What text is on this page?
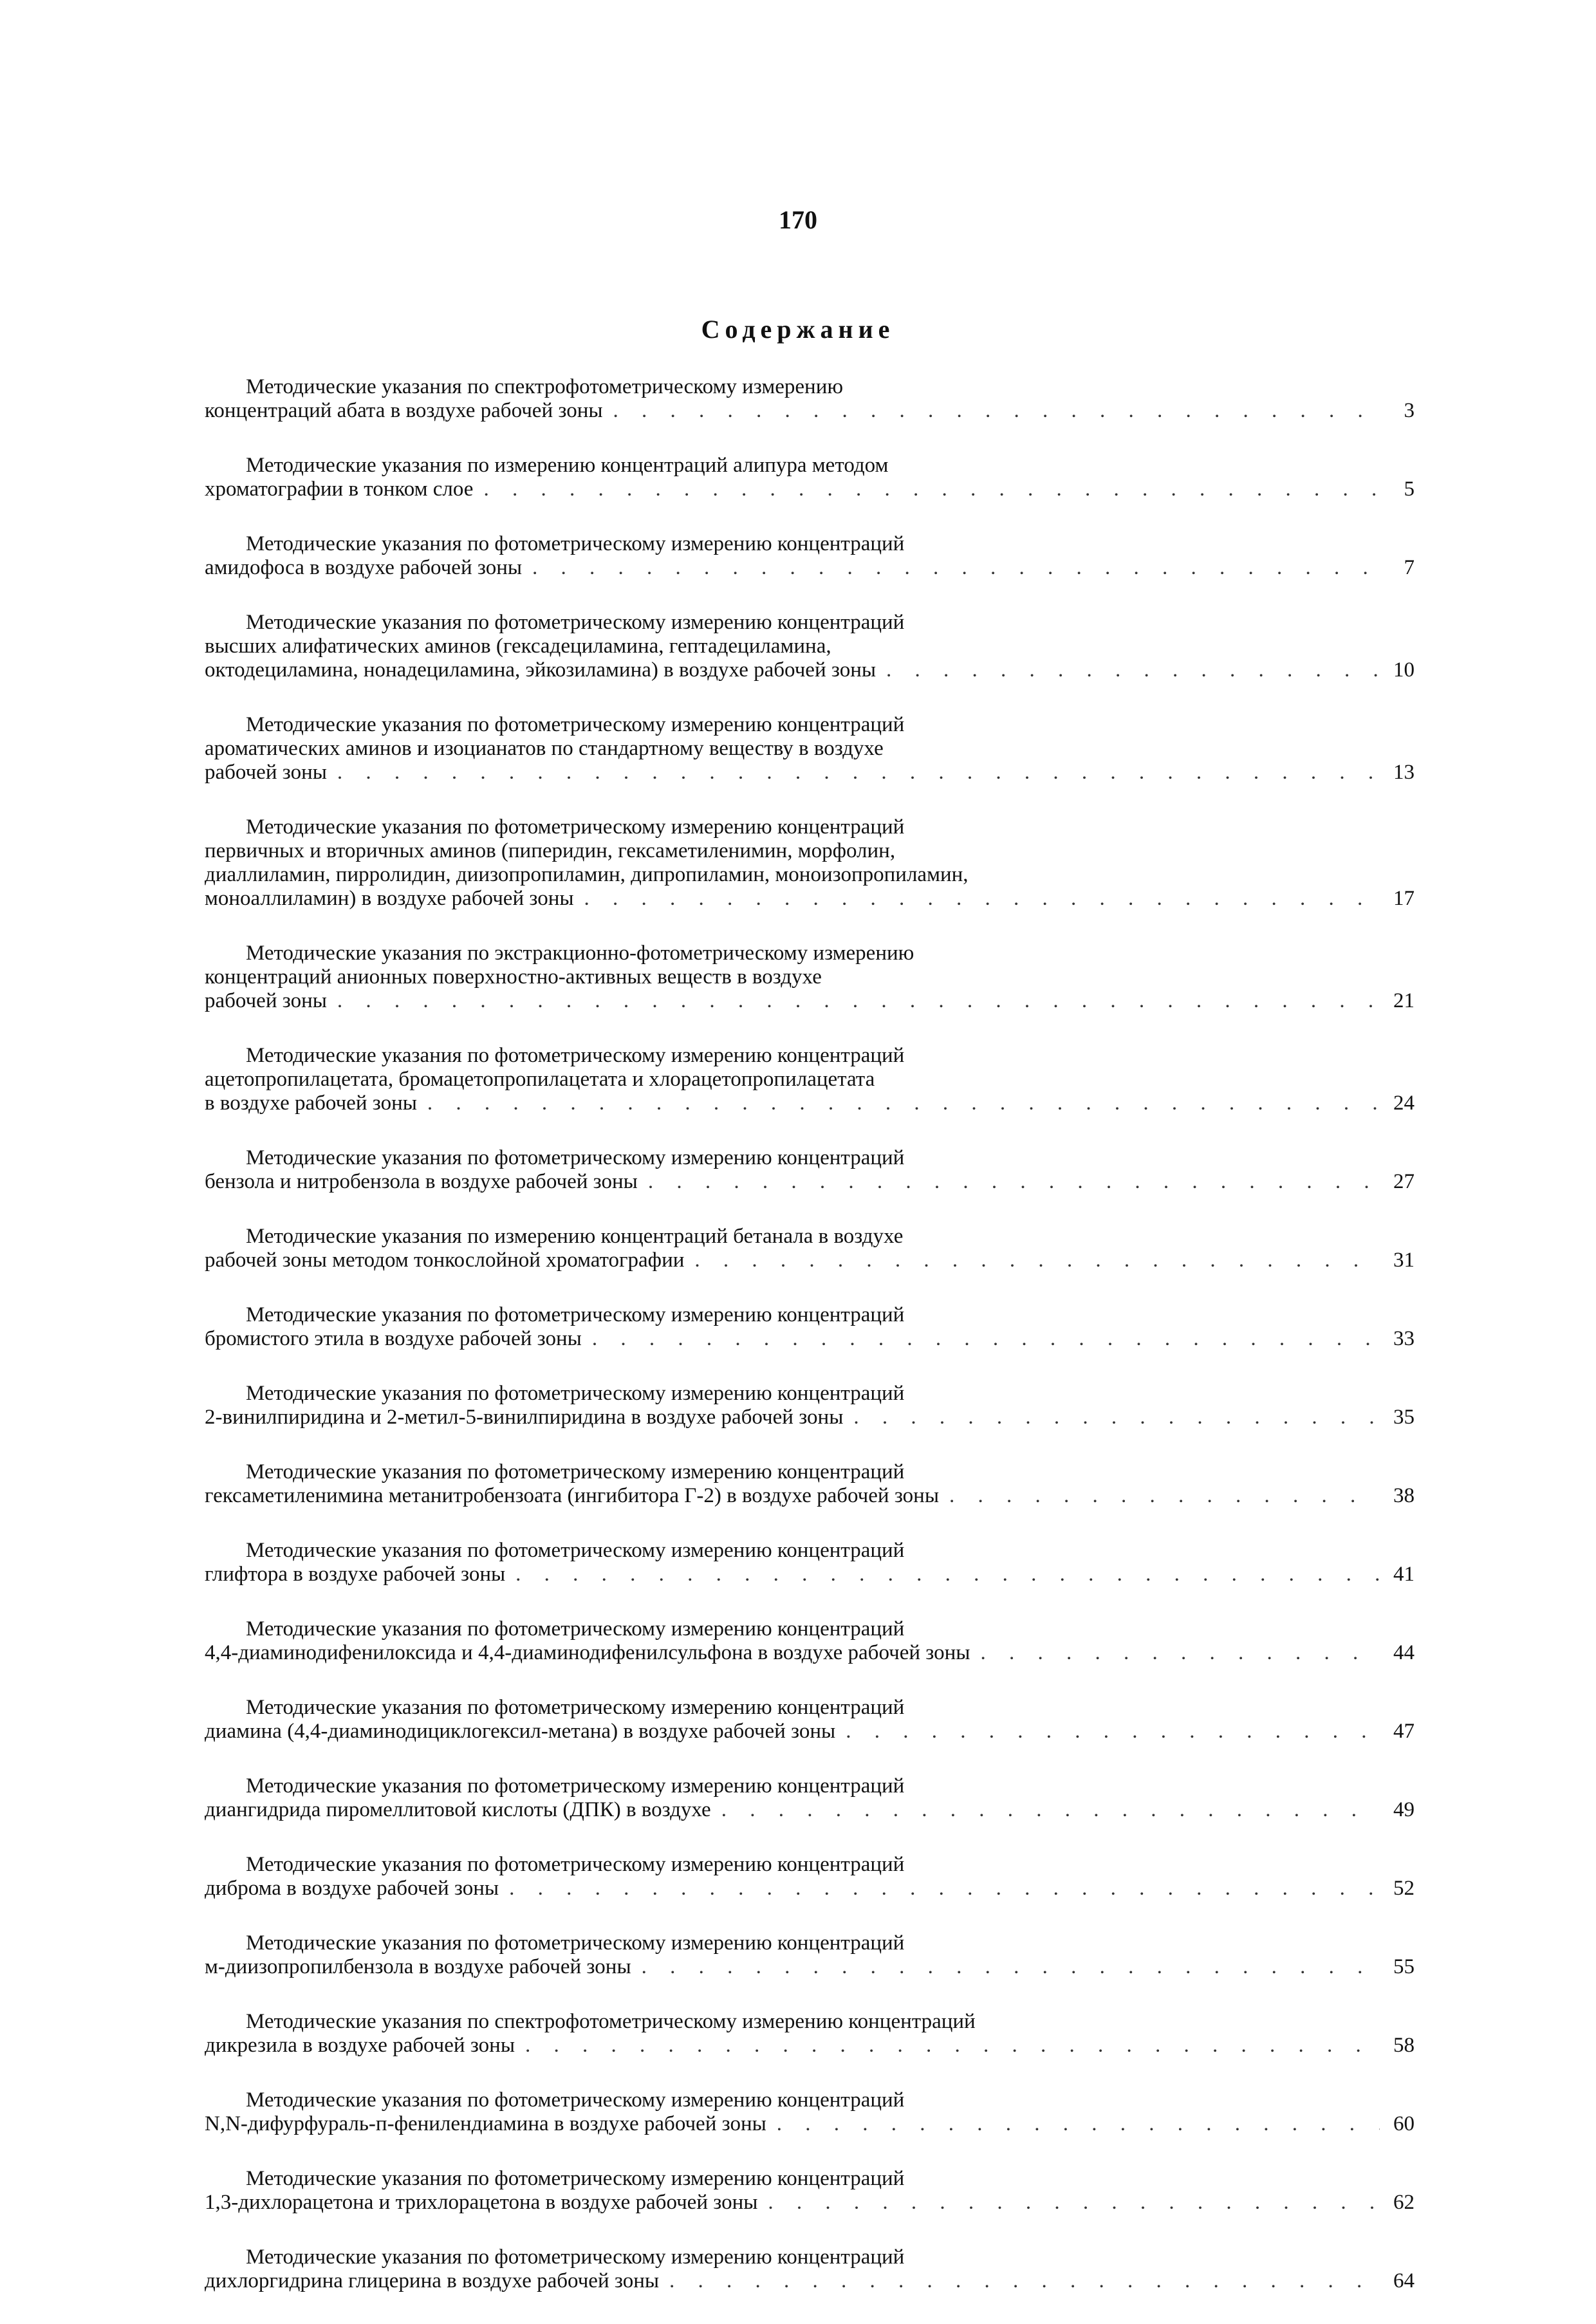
170
Содержание
Методические указания по спектрофотометрическому измерению
концентраций абата в воздухе рабочей зоны . . .	3
Методические указания по измерению концентраций алипура методом
хроматографии в тонком слое . . .	5
Методические указания по фотометрическому измерению концентраций
амидофоса в воздухе рабочей зоны . . .	7
Методические указания по фотометрическому измерению концентраций
высших алифатических аминов (гексадециламина, гептадециламина,
октодециламина, нонадециламина, эйкозиламина) в воздухе рабочей зоны . . .	10
Методические указания по фотометрическому измерению концентраций
ароматических аминов и изоцианатов по стандартному веществу в воздухе
рабочей зоны . . .	13
Методические указания по фотометрическому измерению концентраций
первичных и вторичных аминов (пиперидин, гексаметиленимин, морфолин,
диаллиламин, пирролидин, диизопропиламин, дипропиламин, моноизопропиламин,
моноаллиламин) в воздухе рабочей зоны . . .	17
Методические указания по экстракционно-фотометрическому измерению
концентраций анионных поверхностно-активных веществ в воздухе
рабочей зоны . . .	21
Методические указания по фотометрическому измерению концентраций
ацетопропилацетата, бромацетопропилацетата и хлорацетопропилацетата
в воздухе рабочей зоны . . .	24
Методические указания по фотометрическому измерению концентраций
бензола и нитробензола в воздухе рабочей зоны . . .	27
Методические указания по измерению концентраций бетанала в воздухе
рабочей зоны методом тонкослойной хроматографии . . .	31
Методические указания по фотометрическому измерению концентраций
бромистого этила в воздухе рабочей зоны . . .	33
Методические указания по фотометрическому измерению концентраций
2-винилпиридина и 2-метил-5-винилпиридина в воздухе рабочей зоны . . .	35
Методические указания по фотометрическому измерению концентраций
гексаметиленимина метанитробензоата (ингибитора Г-2) в воздухе рабочей зоны . . .	38
Методические указания по фотометрическому измерению концентраций
глифтора в воздухе рабочей зоны . . .	41
Методические указания по фотометрическому измерению концентраций
4,4-диаминодифенилоксида и 4,4-диаминодифенилсульфона в воздухе рабочей зоны . . .	44
Методические указания по фотометрическому измерению концентраций
диамина (4,4-диаминодициклогексил-метана) в воздухе рабочей зоны . . .	47
Методические указания по фотометрическому измерению концентраций
диангидрида пиромеллитовой кислоты (ДПК) в воздухе . . .	49
Методические указания по фотометрическому измерению концентраций
диброма в воздухе рабочей зоны . . .	52
Методические указания по фотометрическому измерению концентраций
м-диизопропилбензола в воздухе рабочей зоны . . .	55
Методические указания по спектрофотометрическому измерению концентраций
дикрезила в воздухе рабочей зоны . . .	58
Методические указания по фотометрическому измерению концентраций
N,N-дифурфураль-п-фенилендиамина в воздухе рабочей зоны . . .	60
Методические указания по фотометрическому измерению концентраций
1,3-дихлорацетона и трихлорацетона в воздухе рабочей зоны . . .	62
Методические указания по фотометрическому измерению концентраций
дихлоргидрина глицерина в воздухе рабочей зоны . . .	64
